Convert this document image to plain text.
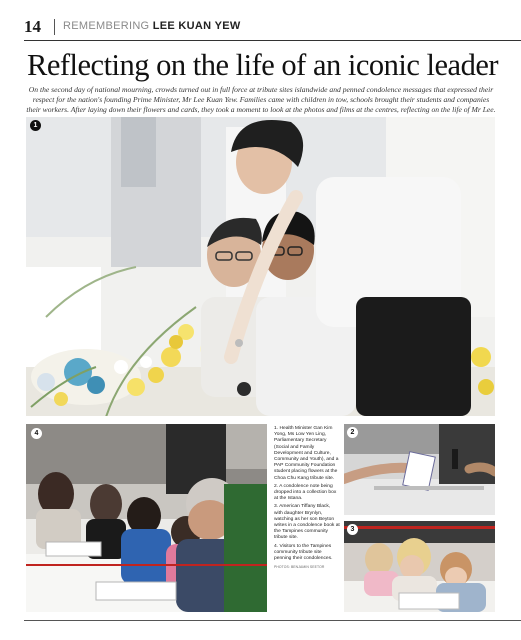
14 REMEMBERING LEE KUAN YEW
Reflecting on the life of an iconic leader

On the second day of national mourning, crowds turned out in full force at tribute sites islandwide and penned condolence messages that expressed their respect for the nation's founding Prime Minister, Mr Lee Kuan Yew. Families came with children in tow, schools brought their students and companies their workers. After laying down their flowers and cards, they took a moment to look at the photos and films at the centres, reflecting on the life of Mr Lee.

1
4

1. Health Minister Gan Kim Yong, Ms Low Yen Ling, Parliamentary Secretary (Social and Family Development and Culture, Community and Youth), and a PAP Community Foundation student placing flowers at the Choa Chu Kang tribute site.

2. A condolence note being dropped into a collection box at the Istana.

3. American Tiffany Black, with daughter Brynlyn, watching as her son Beyton writes in a condolence book at the Tampines community tribute site.

4. Visitors to the Tampines community tribute site penning their condolences.

PHOTOS: BENJAMIN SEETOR

2
3
